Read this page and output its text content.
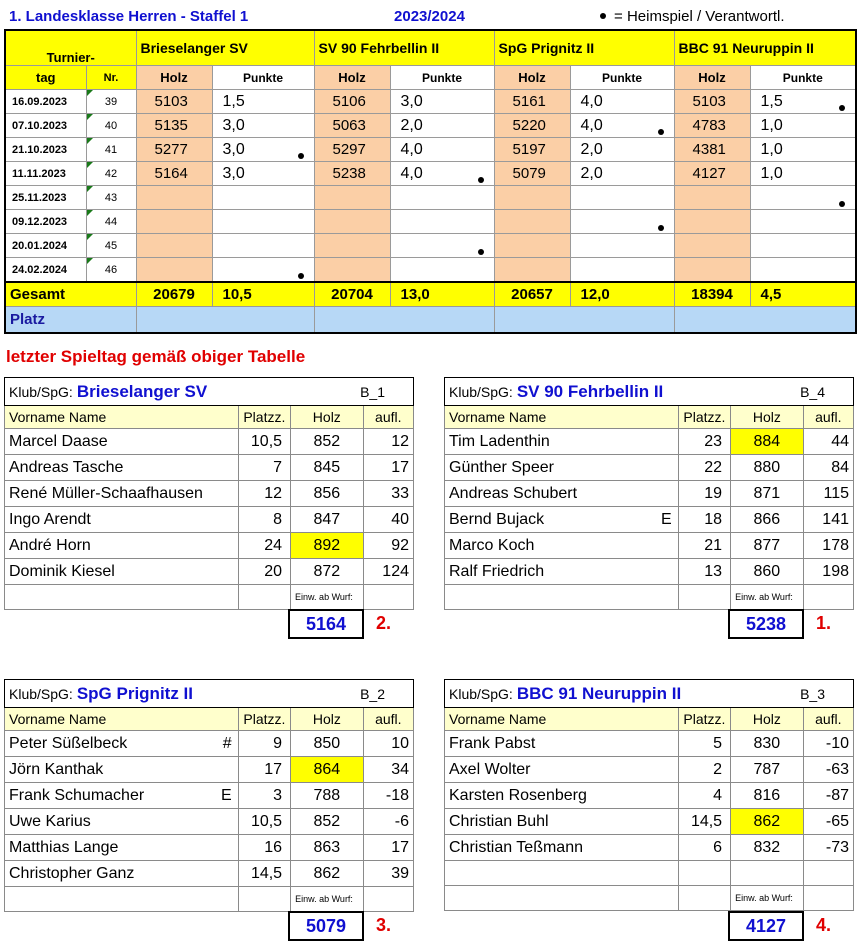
1. Landesklasse Herren - Staffel 1					2023/2024		= Heimspiel / Verantwortl.		
Turnier-		Brieselanger SV		SV 90 Fehrbellin II		SpG Prignitz II		BBC 91 Neuruppin II	
tag	Nr.	Holz	Punkte	Holz	Punkte	Holz	Punkte	Holz	Punkte
16.09.2023	39	5103	1,5	5106	3,0	5161	4,0	5103	1,5

07.10.2023	40	5135	3,0	5063	2,0	5220	4,0	4783	1,0
21.10.2023	41	5277	3,0	5297	4,0	5197	2,0	4381	1,0
11.11.2023	42	5164	3,0	5238	4,0	5079	2,0	4127	1,0
25.11.2023	43								

09.12.2023	44						

20.01.2024	45				

24.02.2024	46		

Gesamt		20679	10,5	20704	13,0	20657	12,0	18394	4,5
Platz									
letzter Spieltag gemäß obiger Tabelle
Klub/SpG: Brieselanger SV B_1			

Vorname Name	Platzz.	Holz	aufl.
Marcel Daase	10,5	852	12
Andreas Tasche	7	845	17
René Müller-Schaafhausen	12	856	33
Ingo Arendt	8	847	40
André Horn	24	892	92
Dominik Kiesel	20	872	124
		Einw. ab Wurf:	
5164	2.
Klub/SpG: SV 90 Fehrbellin II B_4			

Vorname Name	Platzz.	Holz	aufl.
Tim Ladenthin	23	884	44
Günther Speer	22	880	84
Andreas Schubert	19	871	115
Bernd Bujack E	18	866	141
Marco Koch	21	877	178
Ralf Friedrich	13	860	198
		Einw. ab Wurf:	
5238	1.
Klub/SpG: SpG Prignitz II B_2			

Vorname Name	Platzz.	Holz	aufl.
Peter Süßelbeck #	9	850	10
Jörn Kanthak	17	864	34
Frank Schumacher E	3	788	-18
Uwe Karius	10,5	852	-6
Matthias Lange	16	863	17
Christopher Ganz	14,5	862	39
		Einw. ab Wurf:	
5079	3.
Klub/SpG: BBC 91 Neuruppin II B_3			

Vorname Name	Platzz.	Holz	aufl.
Frank Pabst	5	830	-10
Axel Wolter	2	787	-63
Karsten Rosenberg	4	816	-87
Christian Buhl	14,5	862	-65
Christian Teßmann	6	832	-73

		Einw. ab Wurf:	
4127	4.
